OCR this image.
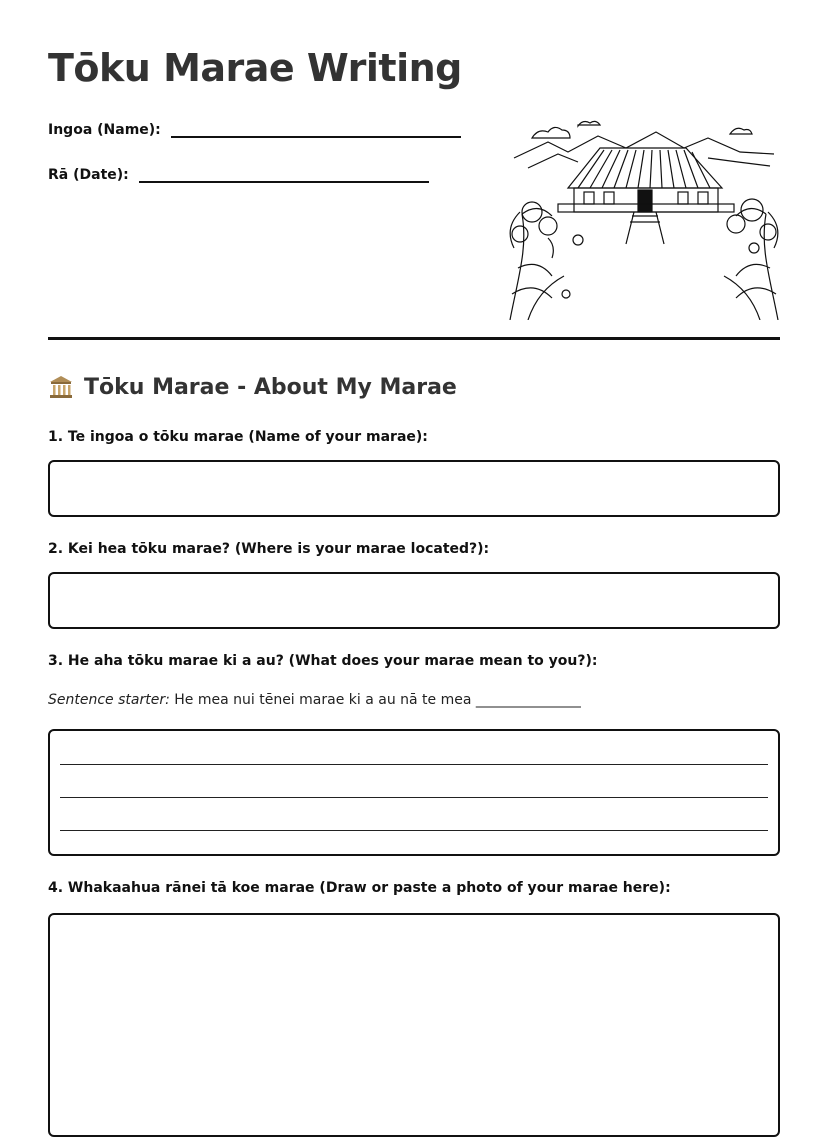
Tōku Marae Writing
Ingoa (Name):
Rā (Date):
Tōku Marae - About My Marae
1. Te ingoa o tōku marae (Name of your marae):
2. Kei hea tōku marae? (Where is your marae located?):
3. He aha tōku marae ki a au? (What does your marae mean to you?):
Sentence starter: He mea nui tēnei marae ki a au nā te mea _______________
4. Whakaahua rānei tā koe marae (Draw or paste a photo of your marae here):
